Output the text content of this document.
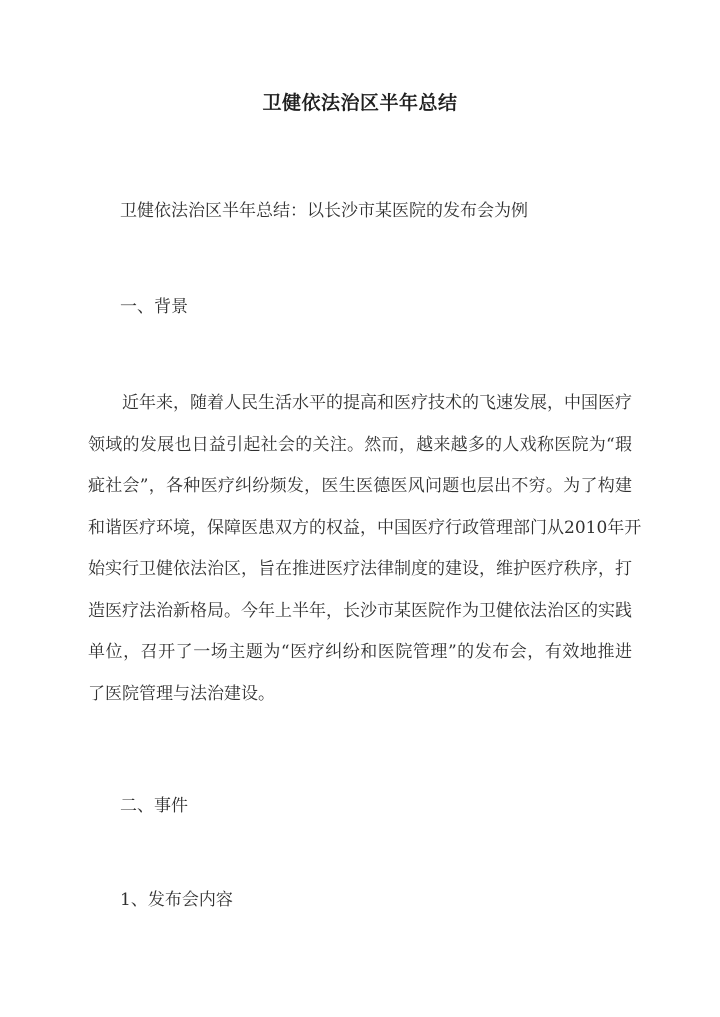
卫健依法治区半年总结
卫健依法治区半年总结：以长沙市某医院的发布会为例
一、背景
近年来，随着人民生活水平的提高和医疗技术的飞速发展，中国医疗
领域的发展也日益引起社会的关注。然而，越来越多的人戏称医院为“瑕
疵社会”，各种医疗纠纷频发，医生医德医风问题也层出不穷。为了构建
和谐医疗环境，保障医患双方的权益，中国医疗行政管理部门从2010年开
始实行卫健依法治区，旨在推进医疗法律制度的建设，维护医疗秩序，打
造医疗法治新格局。今年上半年，长沙市某医院作为卫健依法治区的实践
单位，召开了一场主题为“医疗纠纷和医院管理”的发布会，有效地推进
了医院管理与法治建设。
二、事件
1、发布会内容
